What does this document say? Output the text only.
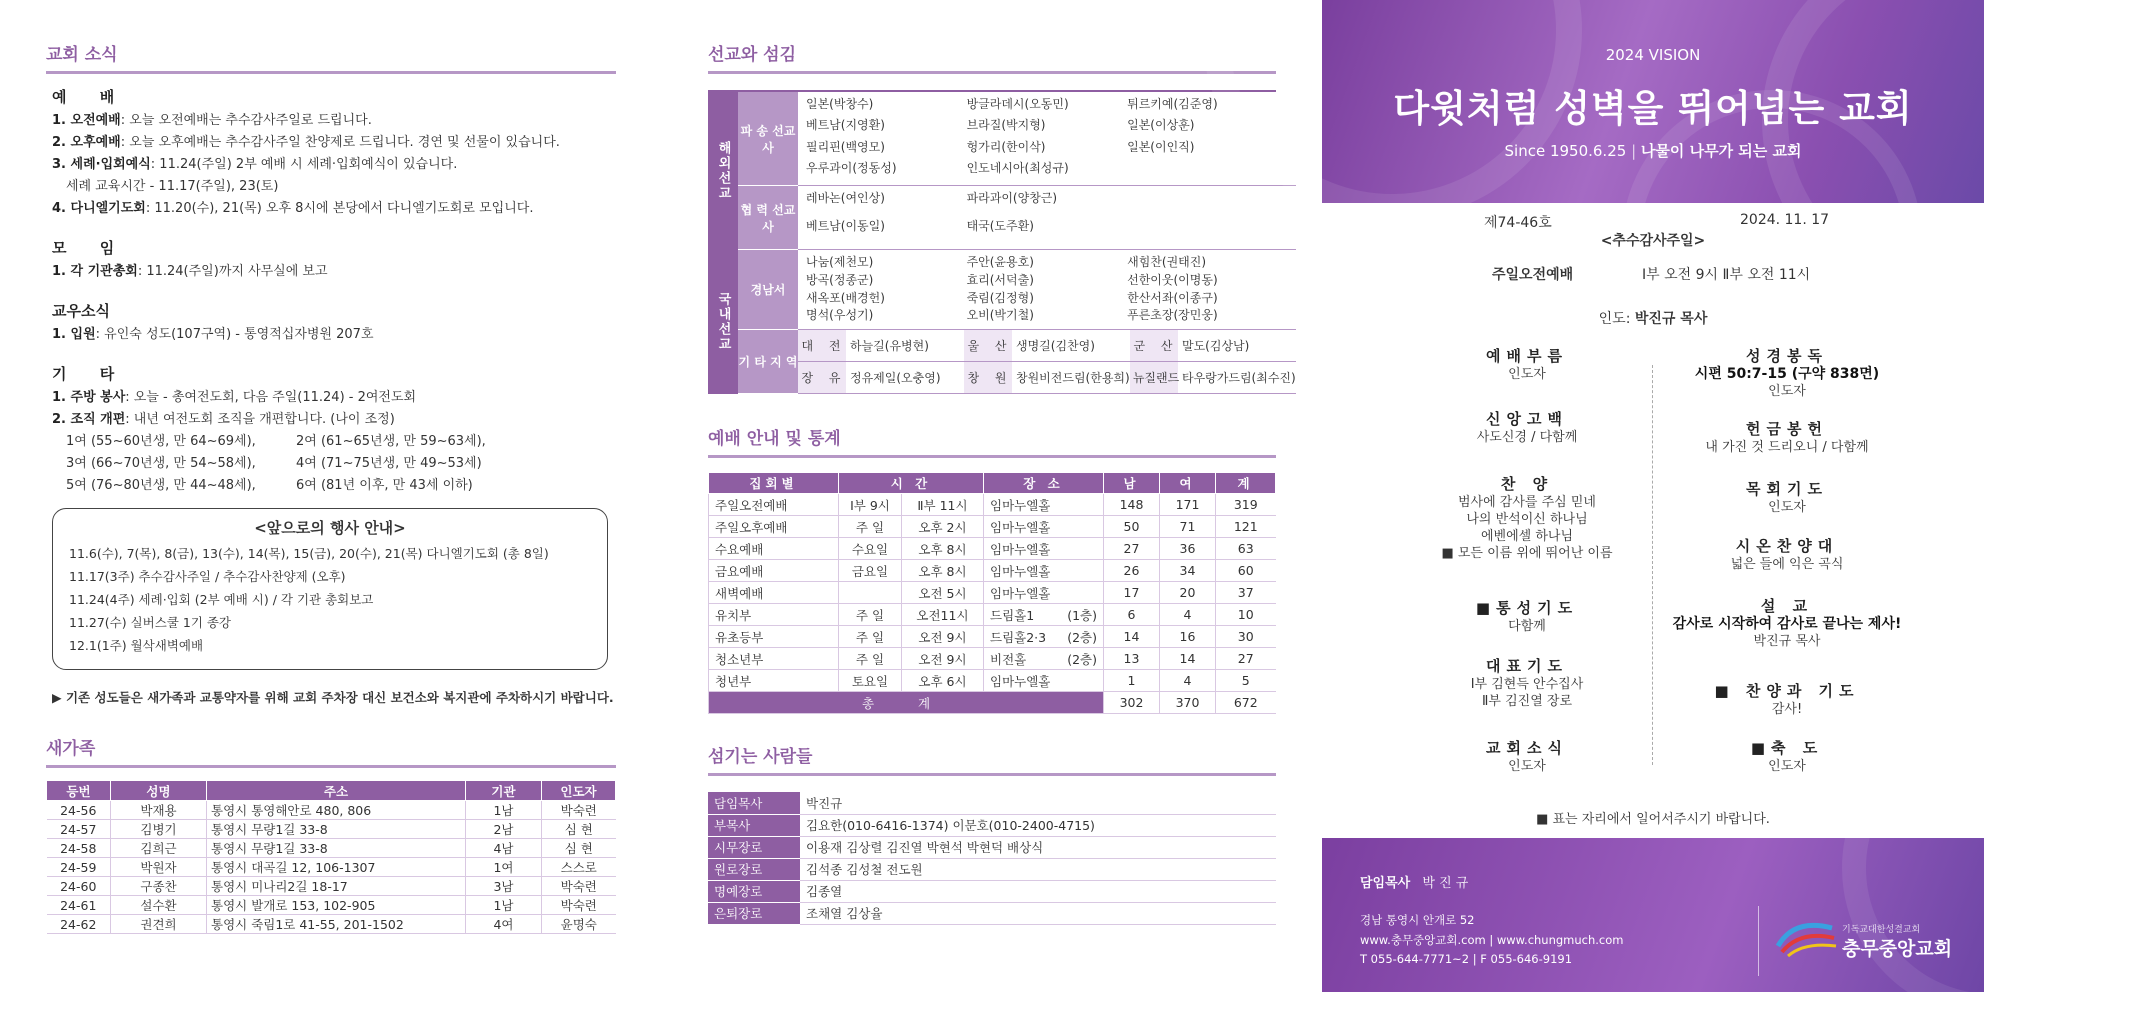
교회 소식
예 배
1. 오전예배: 오늘 오전예배는 추수감사주일로 드립니다.
2. 오후예배: 오늘 오후예배는 추수감사주일 찬양제로 드립니다. 경연 및 선물이 있습니다.
3. 세례·입회예식: 11.24(주일) 2부 예배 시 세례·입회예식이 있습니다.
세례 교육시간 - 11.17(주일), 23(토)
4. 다니엘기도회: 11.20(수), 21(목) 오후 8시에 본당에서 다니엘기도회로 모입니다.
모 임
1. 각 기관총회: 11.24(주일)까지 사무실에 보고
교우소식
1. 입원: 유인숙 성도(107구역) - 통영적십자병원 207호
기 타
1. 주방 봉사: 오늘 - 총여전도회, 다음 주일(11.24) - 2여전도회
2. 조직 개편: 내년 여전도회 조직을 개편합니다. (나이 조정)
1여 (55~60년생, 만 64~69세),	2여 (61~65년생, 만 59~63세),
3여 (66~70년생, 만 54~58세),	4여 (71~75년생, 만 49~53세)
5여 (76~80년생, 만 44~48세),	6여 (81년 이후, 만 43세 이하)
<앞으로의 행사 안내>
11.6(수), 7(목), 8(금), 13(수), 14(목), 15(금), 20(수), 21(목) 다니엘기도회 (총 8일)
11.17(3주) 추수감사주일 / 추수감사찬양제 (오후)
11.24(4주) 세례·입회 (2부 예배 시) / 각 기관 총회보고
11.27(수) 실버스쿨 1기 종강
12.1(1주) 월삭새벽예배
▶ 기존 성도들은 새가족과 교통약자를 위해 교회 주차장 대신 보건소와 복지관에 주차하시기 바랍니다.
새가족
등번	성명	주소	기관	인도자
24-56	박재용	통영시 통영해안로 480, 806	1남	박숙련
24-57	김병기	통영시 무량1길 33-8	2남	심 현
24-58	김희근	통영시 무량1길 33-8	4남	심 현
24-59	박원자	통영시 대곡길 12, 106-1307	1여	스스로
24-60	구종찬	통영시 미나리2길 18-17	3남	박숙련
24-61	설수환	통영시 발개로 153, 102-905	1남	박숙련
24-62	권견희	통영시 죽림1로 41-55, 201-1502	4여	윤명숙
선교와 섬김
해외선교
파 송 선교사
일본(박창수)	방글라데시(오동민)	튀르키예(김준영)
베트남(지영환)	브라질(박지형)	일본(이상훈)
필리핀(백영모)	헝가리(한이삭)	일본(이인직)
우루과이(정동성)	인도네시아(최성규)
협 력 선교사
레바논(여인상)	파라과이(양창근)
베트남(이동일)	태국(도주환)
국내선교
경남서
나눔(제천모)	주안(윤용호)	새힘찬(권태진)
방곡(정종군)	효리(서덕출)	선한이웃(이명동)
새옥포(배경헌)	죽림(김정형)	한산서좌(이종구)
명석(우성기)	오비(박기철)	푸른초장(장민웅)
기 타 지 역
대 전 하늘길(유병현)	울 산 생명길(김찬영)	군 산 말도(김상남)
장 유 정유제일(오충영)	창 원 창원비전드림(한용희) 뉴질랜드 타우랑가드림(최수진)
예배 안내 및 통계
집회별	시 간		장 소	남	여	계
주일오전예배	Ⅰ부 9시	Ⅱ부 11시	임마누엘홀	148	171	319
주일오후예배	주 일	오후 2시	임마누엘홀	50	71	121
수요예배	수요일	오후 8시	임마누엘홀	27	36	63
금요예배	금요일	오후 8시	임마누엘홀	26	34	60
새벽예배		오전 5시	임마누엘홀	17	20	37
유치부	주 일	오전11시	드림홀1 (1층)	6	4	10
유초등부	주 일	오전 9시	드림홀2·3 (2층)	14	16	30
청소년부	주 일	오전 9시	비전홀 (2층)	13	14	27
청년부	토요일	오후 6시	임마누엘홀	1	4	5
총 계				302	370	672
섬기는 사람들
담임목사	박진규
부목사	김요한(010-6416-1374) 이문호(010-2400-4715)
시무장로	이용재 김상렬 김진열 박현석 박현덕 배상식
원로장로	김석종 김성철 전도원
명예장로	김종열
은퇴장로	조채열 김상율
2024 VISION
다윗처럼 성벽을 뛰어넘는 교회
Since 1950.6.25 | 나물이 나무가 되는 교회
제74-46호	2024. 11. 17
<추수감사주일>
주일오전예배	Ⅰ부 오전 9시 Ⅱ부 오전 11시
인도: 박진규 목사
예배부름
인도자
신앙고백
사도신경 / 다함께
찬 양
범사에 감사를 주심 믿네
나의 반석이신 하나님
에벤에셀 하나님
■ 모든 이름 위에 뛰어난 이름
■통성기도
다함께
대표기도
Ⅰ부 김현득 안수집사
Ⅱ부 김진열 장로
교회소식
인도자
성경봉독
시편 50:7-15 (구약 838면)
인도자
헌금봉헌
내 가진 것 드리오니 / 다함께
목회기도
인도자
시온찬양대
넓은 들에 익은 곡식
설 교
감사로 시작하여 감사로 끝나는 제사!
박진규 목사
■ 찬양과 기도
감사!
■축 도
인도자
■ 표는 자리에서 일어서주시기 바랍니다.
담임목사 박 진 규
경남 통영시 안개로 52
www.충무중앙교회.com | www.chungmuch.com
T 055-644-7771~2 | F 055-646-9191
기독교대한성결교회
충무중앙교회
